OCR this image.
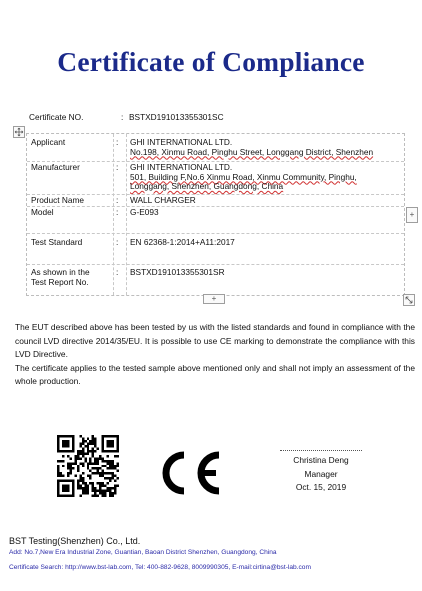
Certificate of Compliance
Certificate NO.	: BSTXD191013355301SC
Applicant	: GHI INTERNATIONAL LTD.
No.198, Xinmu Road, Pinghu Street, Longgang District, Shenzhen
Manufacturer	: GHI INTERNATIONAL LTD.
501, Building F,No.6 Xinmu Road, Xinmu Community, Pinghu,
Longgang, Shenzhen, Guangdong, China
Product Name	: WALL CHARGER
Model	: G-E093
Test Standard	: EN 62368-1:2014+A11:2017
As shown in the
Test Report No.
: BSTXD191013355301SR
+
+

The EUT described above has been tested by us with the listed standards and found in compliance with the council LVD directive 2014/35/EU. It is possible to use CE marking to demonstrate the compliance with this LVD Directive.

The certificate applies to the tested sample above mentioned only and shall not imply an assessment of the whole production.

CE
Christina Deng
Manager
Oct. 15, 2019
BST Testing(Shenzhen) Co., Ltd.
Add: No.7,New Era Industrial Zone, Guantian, Baoan District Shenzhen, Guangdong, China
Certificate Search: http://www.bst-lab.com, Tel: 400-882-9628, 8009990305, E-mail:cirtina@bst-lab.com
